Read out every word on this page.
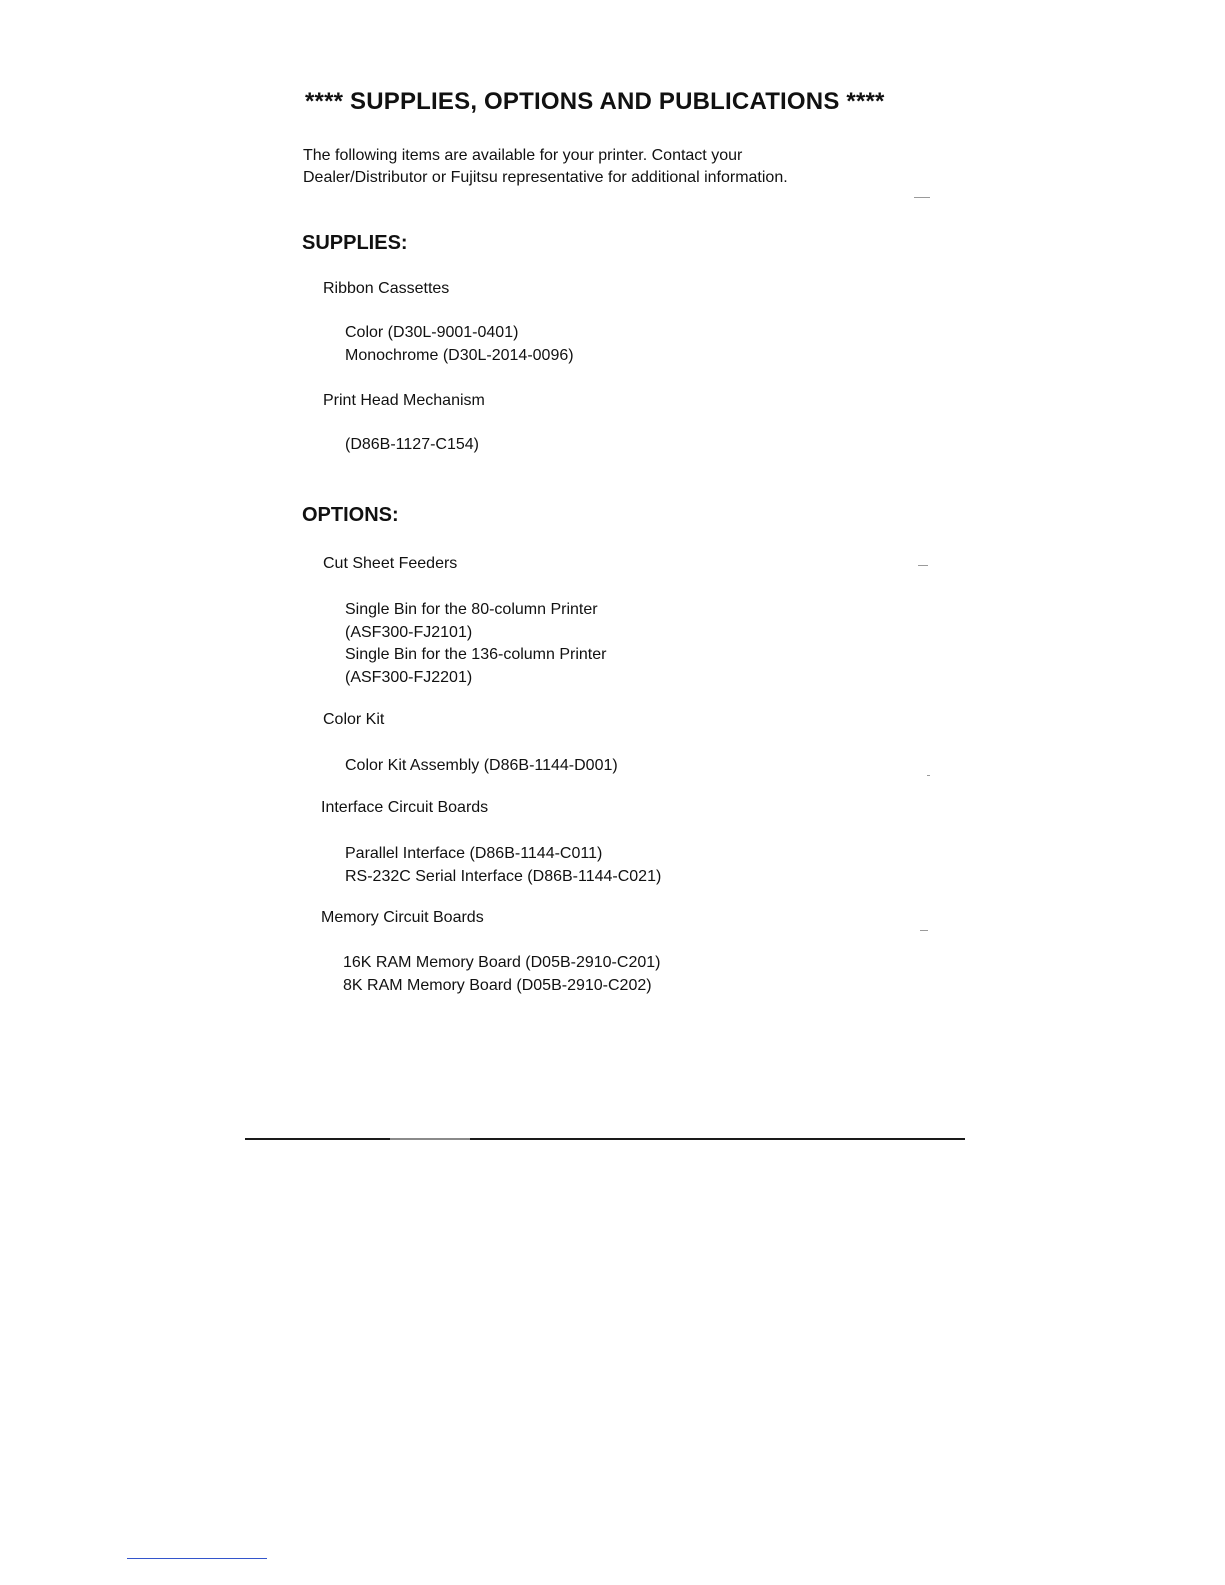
**** SUPPLIES, OPTIONS AND PUBLICATIONS ****

The following items are available for your printer. Contact your
Dealer/Distributor or Fujitsu representative for additional information.

SUPPLIES:

Ribbon Cassettes

Color (D30L-9001-0401)
Monochrome (D30L-2014-0096)

Print Head Mechanism

(D86B-1127-C154)

OPTIONS:

Cut Sheet Feeders

Single Bin for the 80-column Printer
(ASF300-FJ2101)
Single Bin for the 136-column Printer
(ASF300-FJ2201)

Color Kit

Color Kit Assembly (D86B-1144-D001)

Interface Circuit Boards

Parallel Interface (D86B-1144-C011)
RS-232C Serial Interface (D86B-1144-C021)

Memory Circuit Boards

16K RAM Memory Board (D05B-2910-C201)
8K RAM Memory Board (D05B-2910-C202)
